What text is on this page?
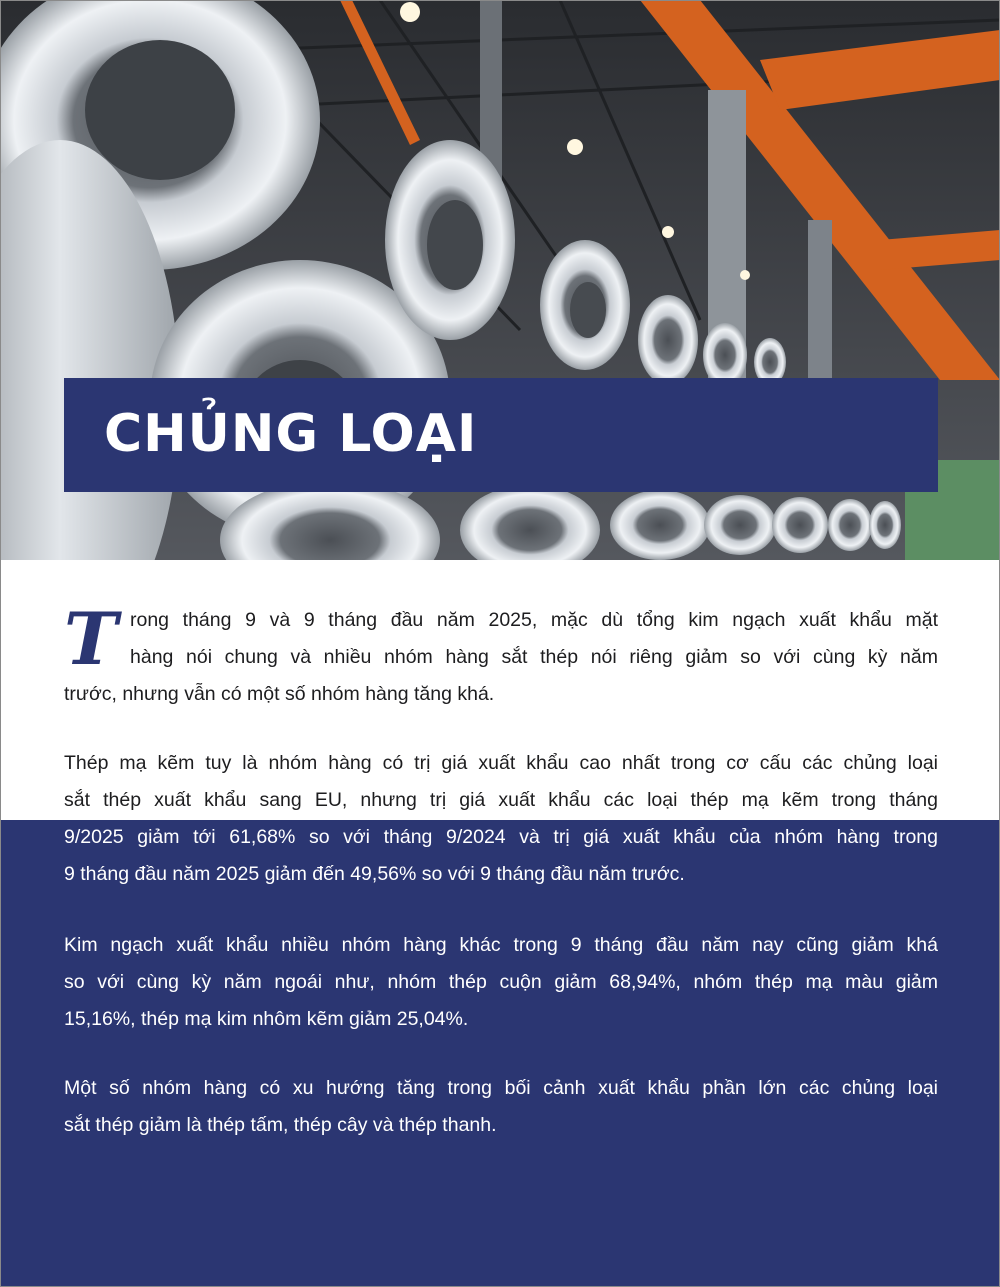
CHỦNG LOẠI
T rong tháng 9 và 9 tháng đầu năm 2025, mặc dù tổng kim ngạch xuất khẩu mặt
hàng nói chung và nhiều nhóm hàng sắt thép nói riêng giảm so với cùng kỳ năm
trước, nhưng vẫn có một số nhóm hàng tăng khá.
Thép mạ kẽm tuy là nhóm hàng có trị giá xuất khẩu cao nhất trong cơ cấu các chủng loại
sắt thép xuất khẩu sang EU, nhưng trị giá xuất khẩu các loại thép mạ kẽm trong tháng
9/2025 giảm tới 61,68% so với tháng 9/2024 và trị giá xuất khẩu của nhóm hàng trong
9 tháng đầu năm 2025 giảm đến 49,56% so với 9 tháng đầu năm trước.
Kim ngạch xuất khẩu nhiều nhóm hàng khác trong 9 tháng đầu năm nay cũng giảm khá
so với cùng kỳ năm ngoái như, nhóm thép cuộn giảm 68,94%, nhóm thép mạ màu giảm
15,16%, thép mạ kim nhôm kẽm giảm 25,04%.
Một số nhóm hàng có xu hướng tăng trong bối cảnh xuất khẩu phần lớn các chủng loại
sắt thép giảm là thép tấm, thép cây và thép thanh.
